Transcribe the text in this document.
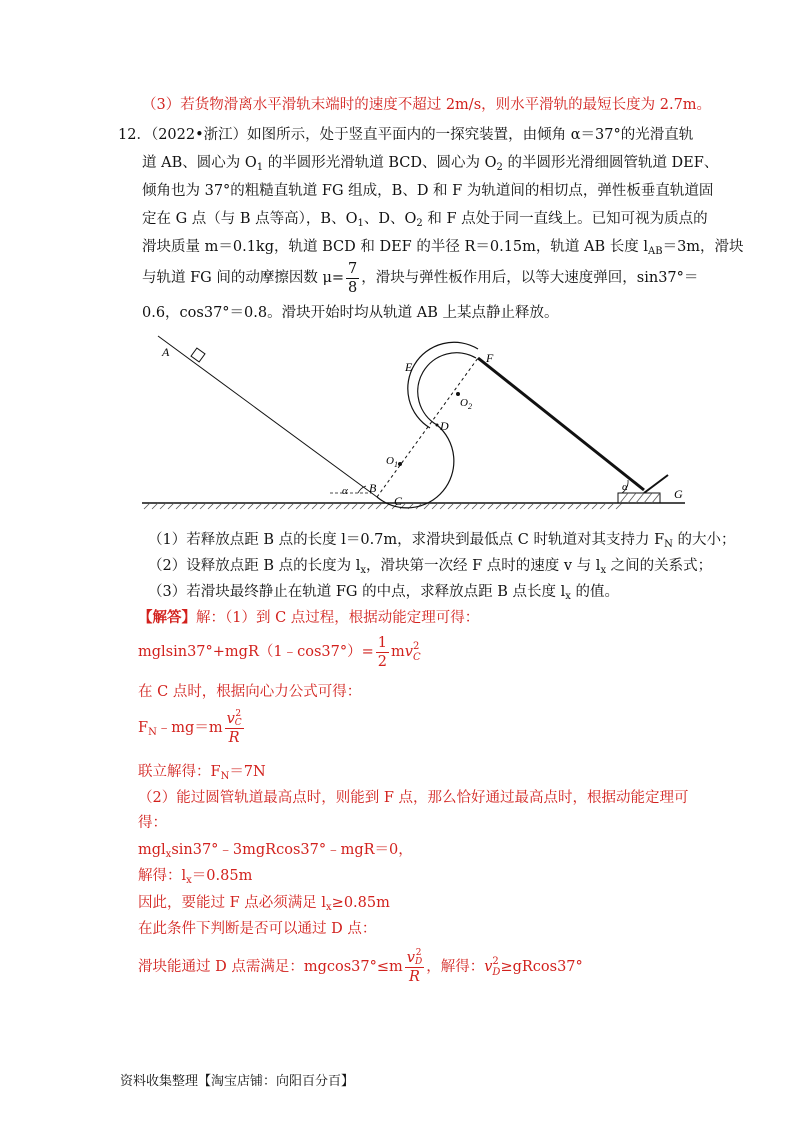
（3）若货物滑离水平滑轨末端时的速度不超过 2m/s，则水平滑轨的最短长度为 2.7m。
12．（2022•浙江）如图所示，处于竖直平面内的一探究装置，由倾角 α＝37°的光滑直轨
道 AB、圆心为 $O_1$ 的半圆形光滑轨道 BCD、圆心为 $O_2$ 的半圆形光滑细圆管轨道 DEF、
倾角也为 37°的粗糙直轨道 FG 组成，B、D 和 F 为轨道间的相切点，弹性板垂直轨道固
定在 G 点（与 B 点等高），B、$O_1$、D、$O_2$ 和 F 点处于同一直线上。已知可视为质点的
滑块质量 m＝0.1kg，轨道 BCD 和 DEF 的半径 R＝0.15m，轨道 AB 长度 $l_{AB}=3m$，滑块
与轨道 FG 间的动摩擦因数 $\mu= \frac{7}{8}$ ，滑块与弹性板作用后，以等大速度弹回，sin37°＝
0.6，cos37°＝0.8。滑块开始时均从轨道 AB 上某点静止释放。
A
B
C
D
E
F
G
$O_1$
$O_2$
α	α
（1）若释放点距 B 点的长度 l＝0.7m，求滑块到最低点 C 时轨道对其支持力 $F_N$ 的大小；
（2）设释放点距 B 点的长度为 $l_x$，滑块第一次经 F 点时的速度 v 与 $l_x$ 之间的关系式；
（3）若滑块最终静止在轨道 FG 的中点，求释放点距 B 点长度 $l_x$ 的值。
【解答】解：（1）到 C 点过程，根据动能定理可得：
mglsin37°+mgR（1﹣cos37°）= $\frac{1}{2}$ mv 2
C
在 C 点时，根据向心力公式可得：
$F_N﹣mg=m$ v 2
C
R
联立解得：$F_N=7N$
（2）能过圆管轨道最高点时，则能到 F 点，那么恰好通过最高点时，根据动能定理可
得：
mgl$_x$sin37°﹣3mgRcos37°﹣mgR＝0，
解得：$l_x=0.85m$
因此，要能过 F 点必须满足 $l_x\ge 0.85m$
在此条件下判断是否可以通过 D 点：
滑块能通过 D 点需满足：mgcos37°≤m v 2
D
R ，解得：v 2
D ≥gRcos37°
资料收集整理【淘宝店铺：向阳百分百】
